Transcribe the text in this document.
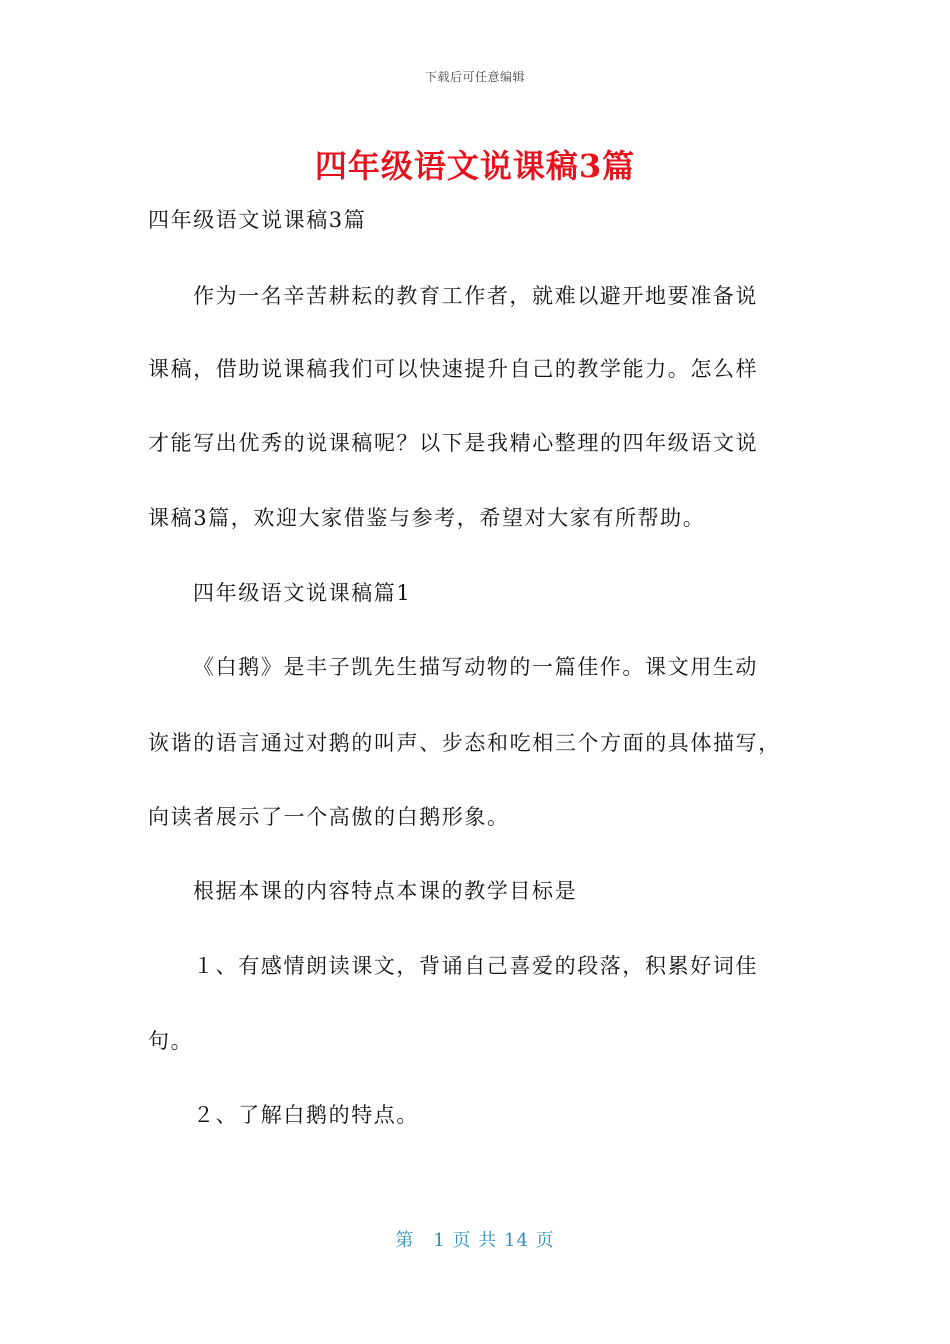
下载后可任意编辑
四年级语文说课稿3篇
四年级语文说课稿3篇
作为一名辛苦耕耘的教育工作者，就难以避开地要准备说
课稿，借助说课稿我们可以快速提升自己的教学能力。怎么样
才能写出优秀的说课稿呢？以下是我精心整理的四年级语文说
课稿3篇，欢迎大家借鉴与参考，希望对大家有所帮助。
四年级语文说课稿篇1
《白鹅》是丰子凯先生描写动物的一篇佳作。课文用生动
诙谐的语言通过对鹅的叫声、步态和吃相三个方面的具体描写，
向读者展示了一个高傲的白鹅形象。
根据本课的内容特点本课的教学目标是
１、有感情朗读课文，背诵自己喜爱的段落，积累好词佳
句。
２、了解白鹅的特点。
第　1 页 共 14 页
